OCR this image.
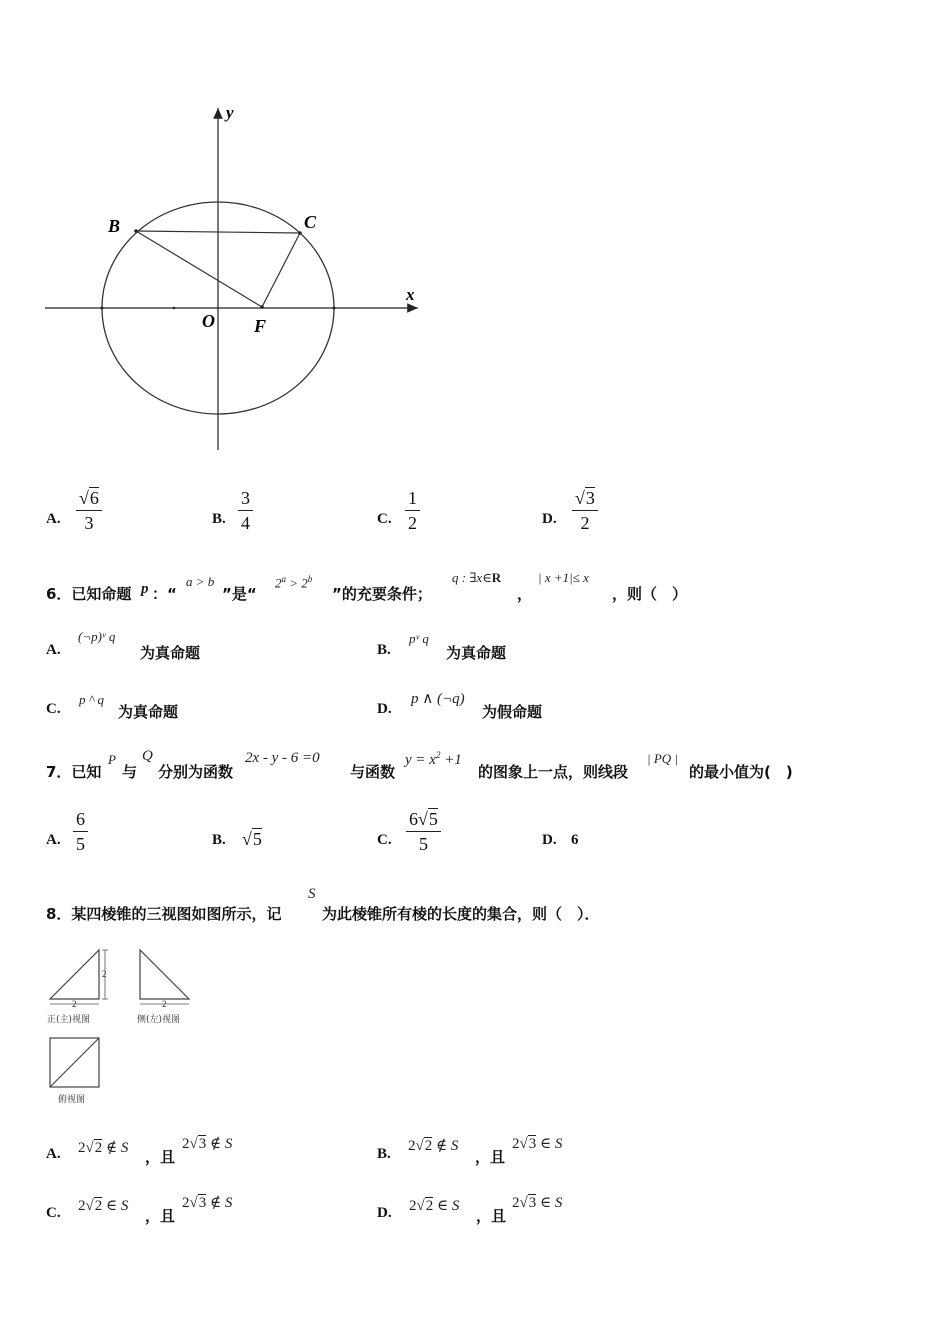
y
x
B	C
O F
A.
√6
3	B.
3
4	C.
1
2	D.
√3
2
6．已知命题 p ：“
a > b
”是“
$2^a > 2^b$
”的充要条件；
q : ∃x∈R
，
| x +1|≤ x
，则（　）
A.
(¬p)ᵛ q
为真命题	B.
pᵛ q
为真命题
C.
p ^ q
为真命题	D.
p ∧ (¬q)
为假命题
7．已知
P
与
Q
分别为函数
2x - y - 6 =0
与函数
$y = x^2 +1$
的图象上一点，则线段
| PQ |
的最小值为(　)
A.
6
5	B. √5	C.
6√5
5	D. 6
8．某四棱锥的三视图如图所示，记
S
为此棱锥所有棱的长度的集合，则（　）．
2
2
正(主)视图
2
侧(左)视图
俯视图
A. 2√2 ∉ S ，且
2√3 ∉ S
B. 2√2 ∉ S
，且
2√3 ∈ S
C. 2√2 ∈ S
，且
2√3 ∉ S
D. 2√2 ∈ S
，且
2√3 ∈ S
